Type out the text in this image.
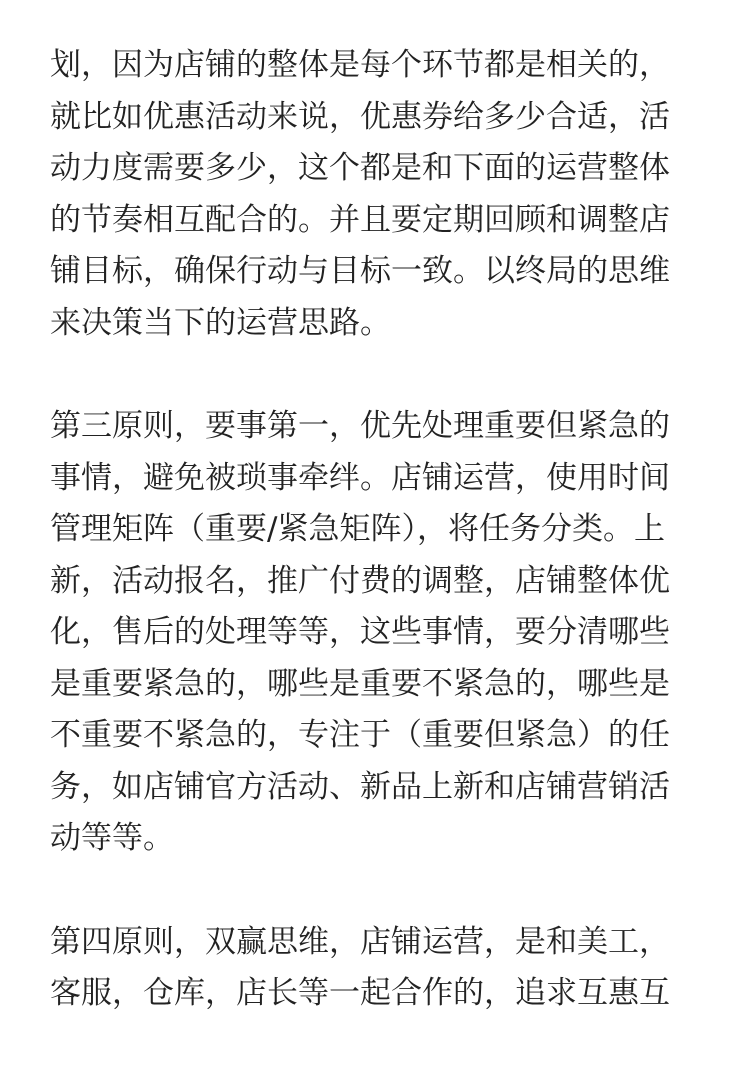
划，因为店铺的整体是每个环节都是相关的，
就比如优惠活动来说，优惠券给多少合适，活
动力度需要多少，这个都是和下面的运营整体
的节奏相互配合的。并且要定期回顾和调整店
铺目标，确保行动与目标一致。以终局的思维
来决策当下的运营思路。

第三原则，要事第一，优先处理重要但紧急的
事情，避免被琐事牵绊。店铺运营，使用时间
管理矩阵（重要/紧急矩阵），将任务分类。上
新，活动报名，推广付费的调整，店铺整体优
化，售后的处理等等，这些事情，要分清哪些
是重要紧急的，哪些是重要不紧急的，哪些是
不重要不紧急的，专注于（重要但紧急）的任
务，如店铺官方活动、新品上新和店铺营销活
动等等。

第四原则，双赢思维，店铺运营，是和美工，
客服，仓库，店长等一起合作的，追求互惠互
